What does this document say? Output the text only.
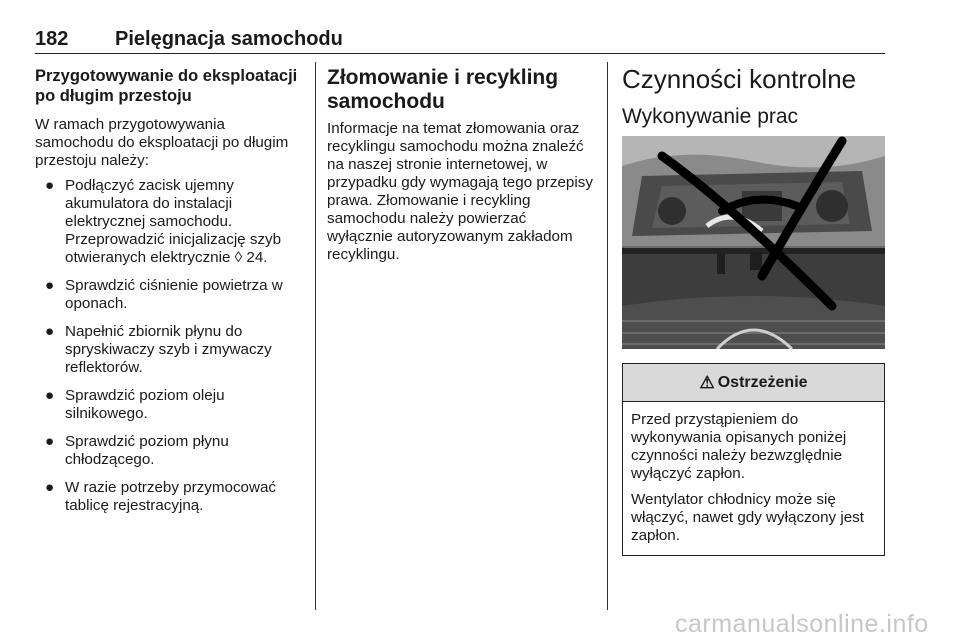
182 Pielęgnacja samochodu
Przygotowywanie do eksploatacji po długim przestoju
W ramach przygotowywania samochodu do eksploatacji po długim przestoju należy:
● Podłączyć zacisk ujemny akumulatora do instalacji elektrycznej samochodu. Przeprowadzić inicjalizację szyb otwieranych elektrycznie ◊ 24.
● Sprawdzić ciśnienie powietrza w oponach.
● Napełnić zbiornik płynu do spryskiwaczy szyb i zmywaczy reflektorów.
● Sprawdzić poziom oleju silnikowego.
● Sprawdzić poziom płynu chłodzącego.
● W razie potrzeby przymocować tablicę rejestracyjną.
Złomowanie i recykling samochodu
Informacje na temat złomowania oraz recyklingu samochodu można znaleźć na naszej stronie internetowej, w przypadku gdy wymagają tego przepisy prawa. Złomowanie i recykling samochodu należy powierzać wyłącznie autoryzowanym zakładom recyklingu.
Czynności kontrolne
Wykonywanie prac
⚠ Ostrzeżenie

Przed przystąpieniem do wykonywania opisanych poniżej czynności należy bezwzględnie wyłączyć zapłon.

Wentylator chłodnicy może się włączyć, nawet gdy wyłączony jest zapłon.

carmanualsonline.info
